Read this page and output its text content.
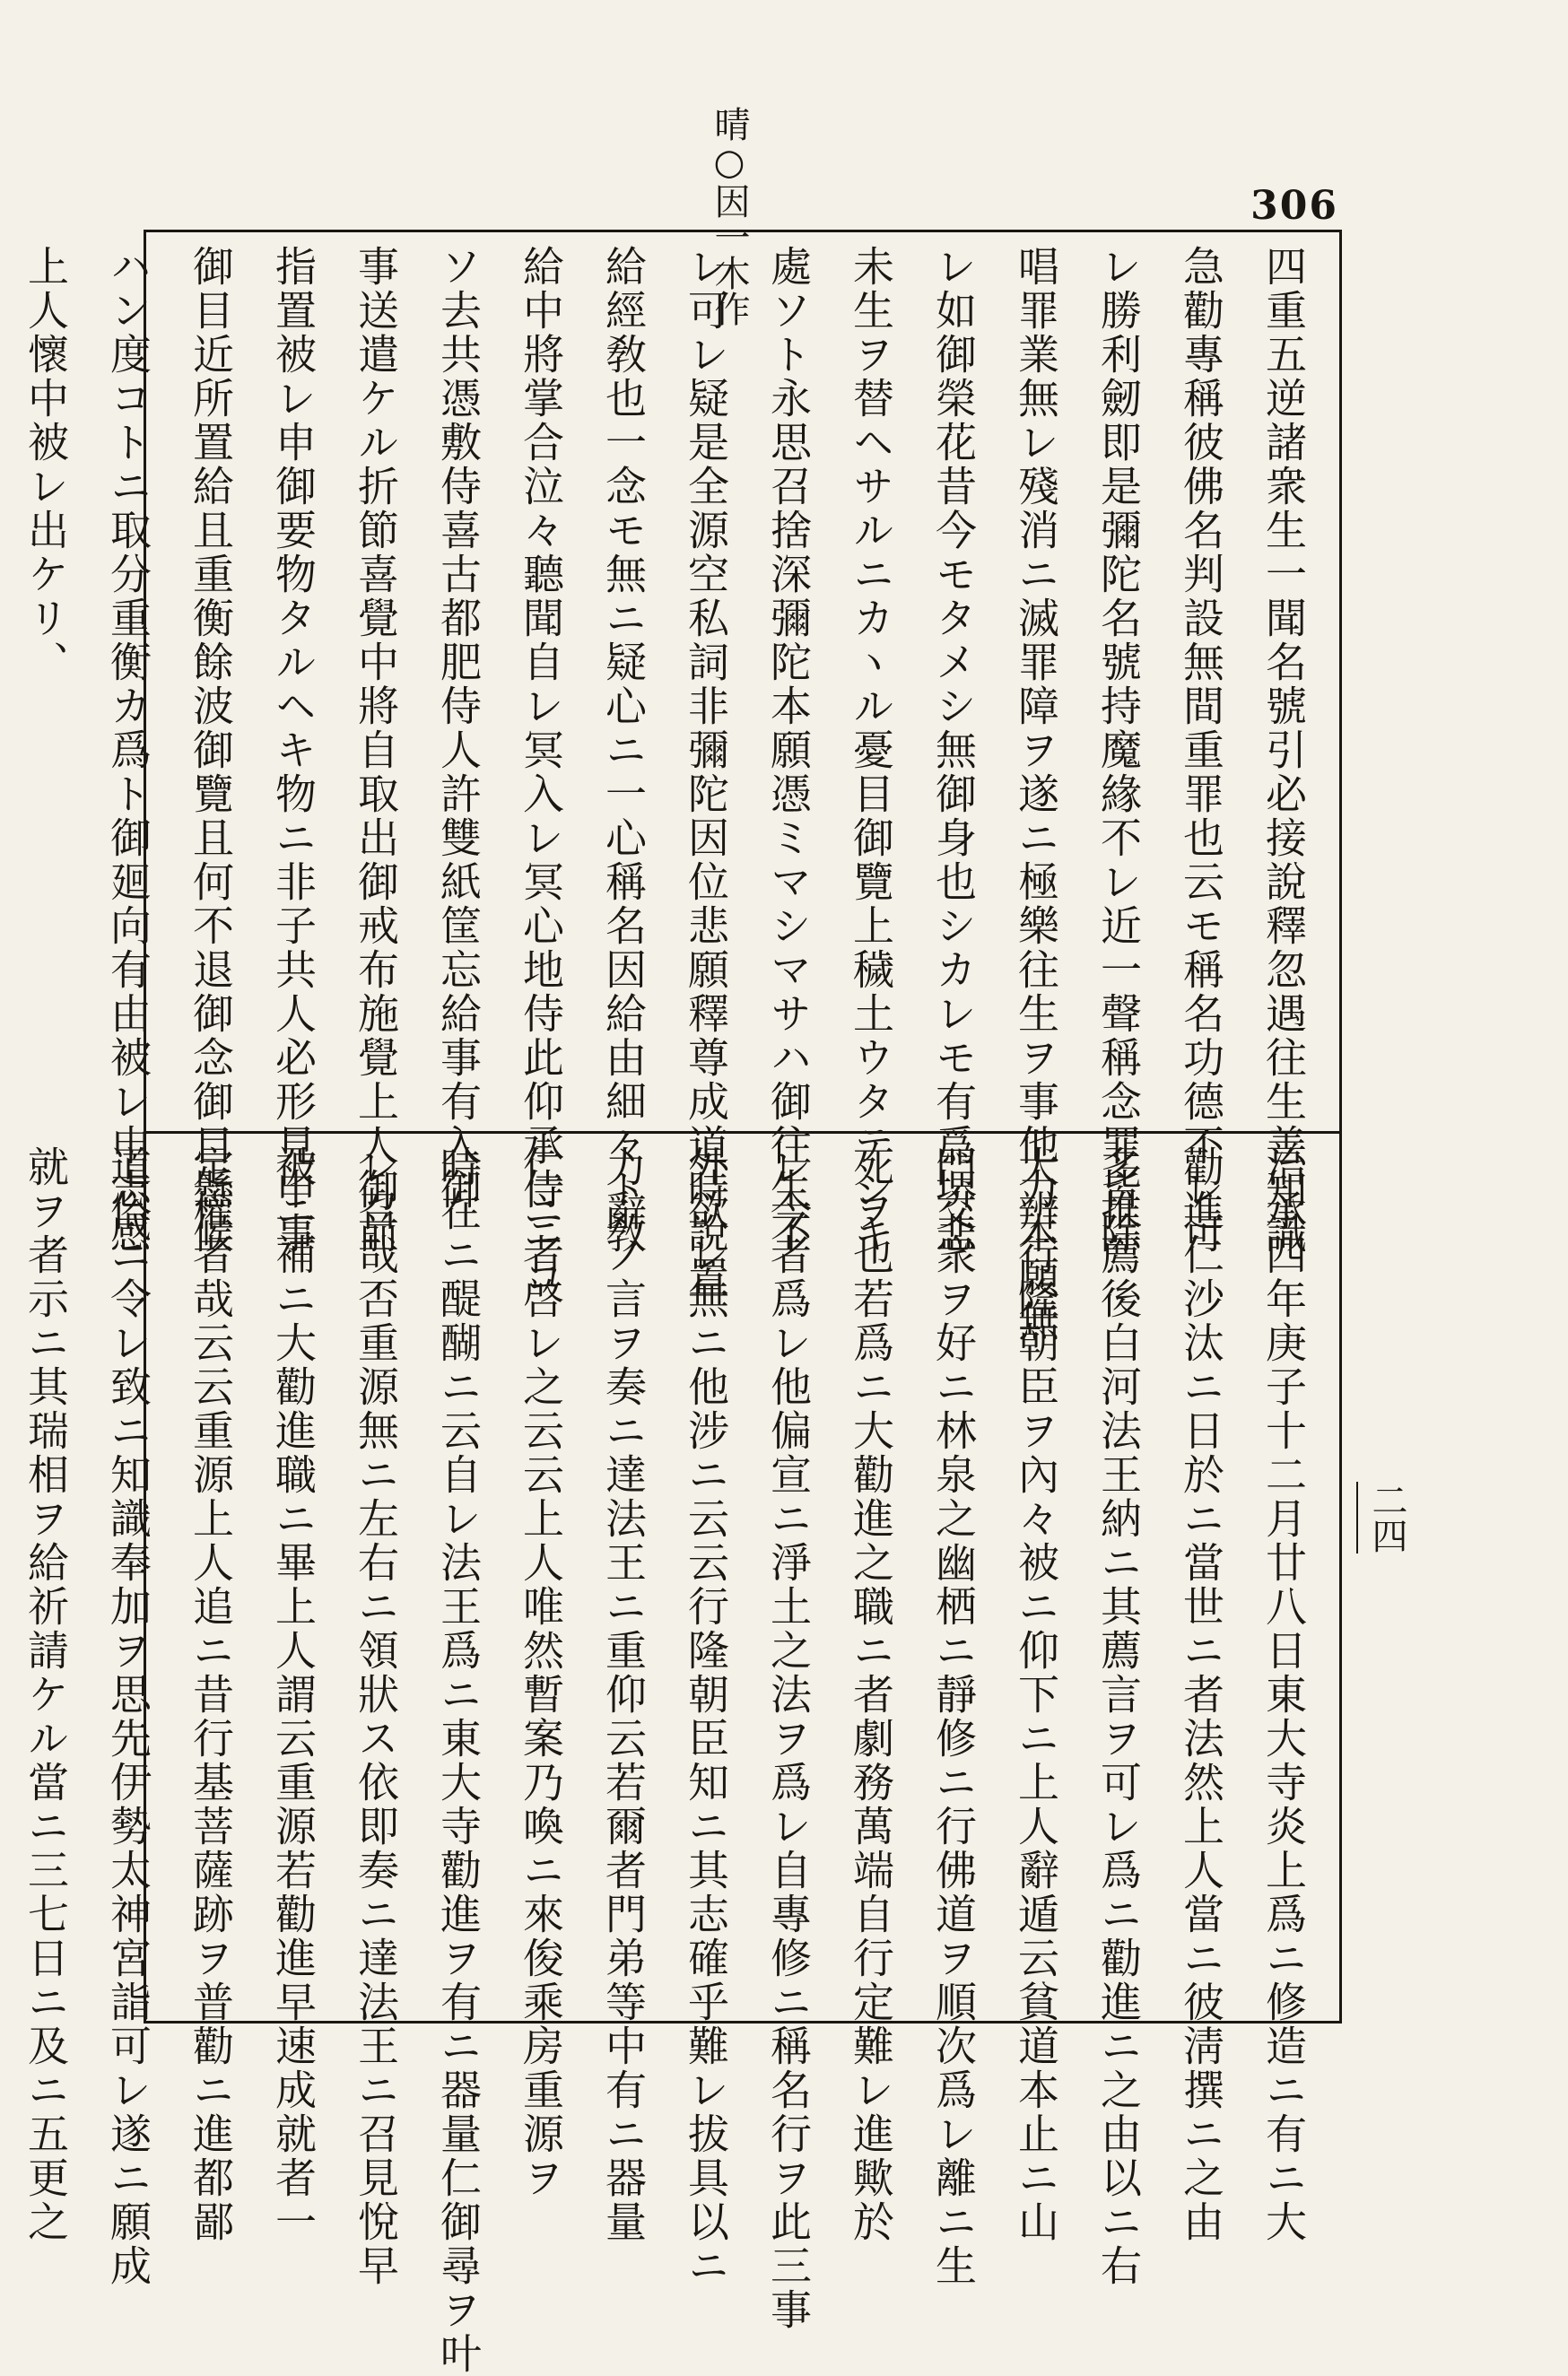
306
晴○因一木作
四重五逆諸衆生一聞名號引必接說釋忽遇往生善知識
急勸專稱彼佛名判設無間重罪也云モ稱名功德不レ可
レ勝利劒即是彌陀名號持魔緣不レ近一聲稱念罪皆除
唱罪業無レ殘消ニ滅罪障ヲ遂ニ極樂往生ヲ事他力本願無
レ如御榮花昔今モタメシ無御身也シカレモ有爲堺悲
未生ヲ替ヘサルニカヽル憂目御覽上穢土ウタテシキ
處ソト永思召捨深彌陀本願憑ミマシマサハ御往生不
レ可レ疑是全源空私詞非彌陀因位悲願釋尊成道時說置
給經敎也一念モ無ニ疑心ニ一心稱名因給由細々ト敎
給中將掌合泣々聽聞自レ冥入レ冥心地侍此仰承侍ニコ
ソ去共憑敷侍喜古都肥侍人許雙紙筐忘給事有入御
事送遣ケル折節喜覺中將自取出御戒布施覺上人御前
指置被レ申御要物タルヘキ物ニ非子共人必形見申事
御目近所置給且重衡餘波御覽且何不退御念御目懸候
ハン度コトニ取分重衡カ爲ト御廻向有由被レ申志感
上人懷中被レ出ケリ、
治承四年庚子十二月廿八日東大寺炎上爲ニ修造ニ有ニ大
勸進仁沙汰ニ日於ニ當世ニ者法然上人當ニ彼淸撰ニ之由
多推薦後白河法王納ニ其薦言ヲ可レ爲ニ勸進ニ之由以ニ右
大辨行隆朝臣ヲ內々被ニ仰下ニ上人辭遁云貧道本止ニ山
門交衆ヲ好ニ林泉之幽栖ニ靜修ニ行佛道ヲ順次爲レ離ニ生
死ヲ也若爲ニ大勸進之職ニ者劇務萬端自行定難レ進歟於
レ今者爲レ他偏宣ニ淨土之法ヲ爲レ自專修ニ稱名行ヲ此三事
外欲レ無ニ他涉ニ云云行隆朝臣知ニ其志確乎難レ拔具以ニ
力辭ノ言ヲ奏ニ達法王ニ重仰云若爾者門弟等中有ニ器量
仁ニ者啓レ之云云上人唯然暫案乃喚ニ來俊乘房重源ヲ
時在ニ醍醐ニ云自レ法王爲ニ東大寺勸進ヲ有ニ器量仁御尋ヲ叶
レ召哉否重源無ニ左右ニ領狀ス依即奏ニ達法王ニ召見悅早
被ニ補ニ大勸進職ニ畢上人謂云重源若勸進早速成就者一
定權者哉云云重源上人追ニ昔行基菩薩跡ヲ普勸ニ進都鄙
道俗ニ令レ致ニ知識奉加ヲ思先伊勢太神宮詣可レ遂ニ願成
就ヲ者示ニ其瑞相ヲ給祈請ケル當ニ三七日ニ及ニ五更之	二四
